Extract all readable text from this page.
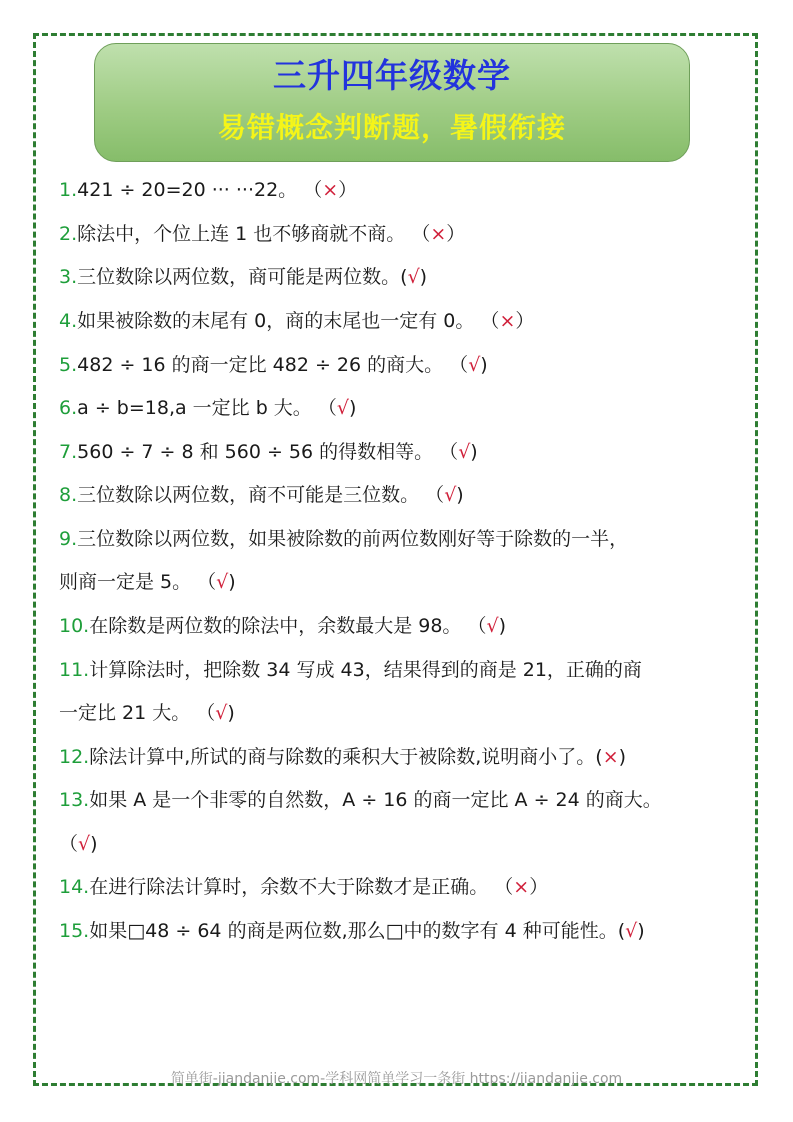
三升四年级数学
易错概念判断题，暑假衔接
1.421 ÷ 20=20 ··· ···22。 （×）
2.除法中，个位上连 1 也不够商就不商。 （×）
3.三位数除以两位数，商可能是两位数。(√)
4.如果被除数的末尾有 0，商的末尾也一定有 0。 （×）
5.482 ÷ 16 的商一定比 482 ÷ 26 的商大。 （√)
6.a ÷ b=18,a 一定比 b 大。 （√)
7.560 ÷ 7 ÷ 8 和 560 ÷ 56 的得数相等。 （√)
8.三位数除以两位数，商不可能是三位数。 （√)
9.三位数除以两位数，如果被除数的前两位数刚好等于除数的一半，
则商一定是 5。 （√)
10.在除数是两位数的除法中，余数最大是 98。 （√)
11.计算除法时，把除数 34 写成 43，结果得到的商是 21，正确的商
一定比 21 大。 （√)
12.除法计算中,所试的商与除数的乘积大于被除数,说明商小了。(×)
13.如果 A 是一个非零的自然数，A ÷ 16 的商一定比 A ÷ 24 的商大。
（√)
14.在进行除法计算时，余数不大于除数才是正确。 （×）
15.如果□48 ÷ 64 的商是两位数,那么□中的数字有 4 种可能性。(√)
简单街-jiandanjie.com-学科网简单学习一条街 https://jiandanjie.com
